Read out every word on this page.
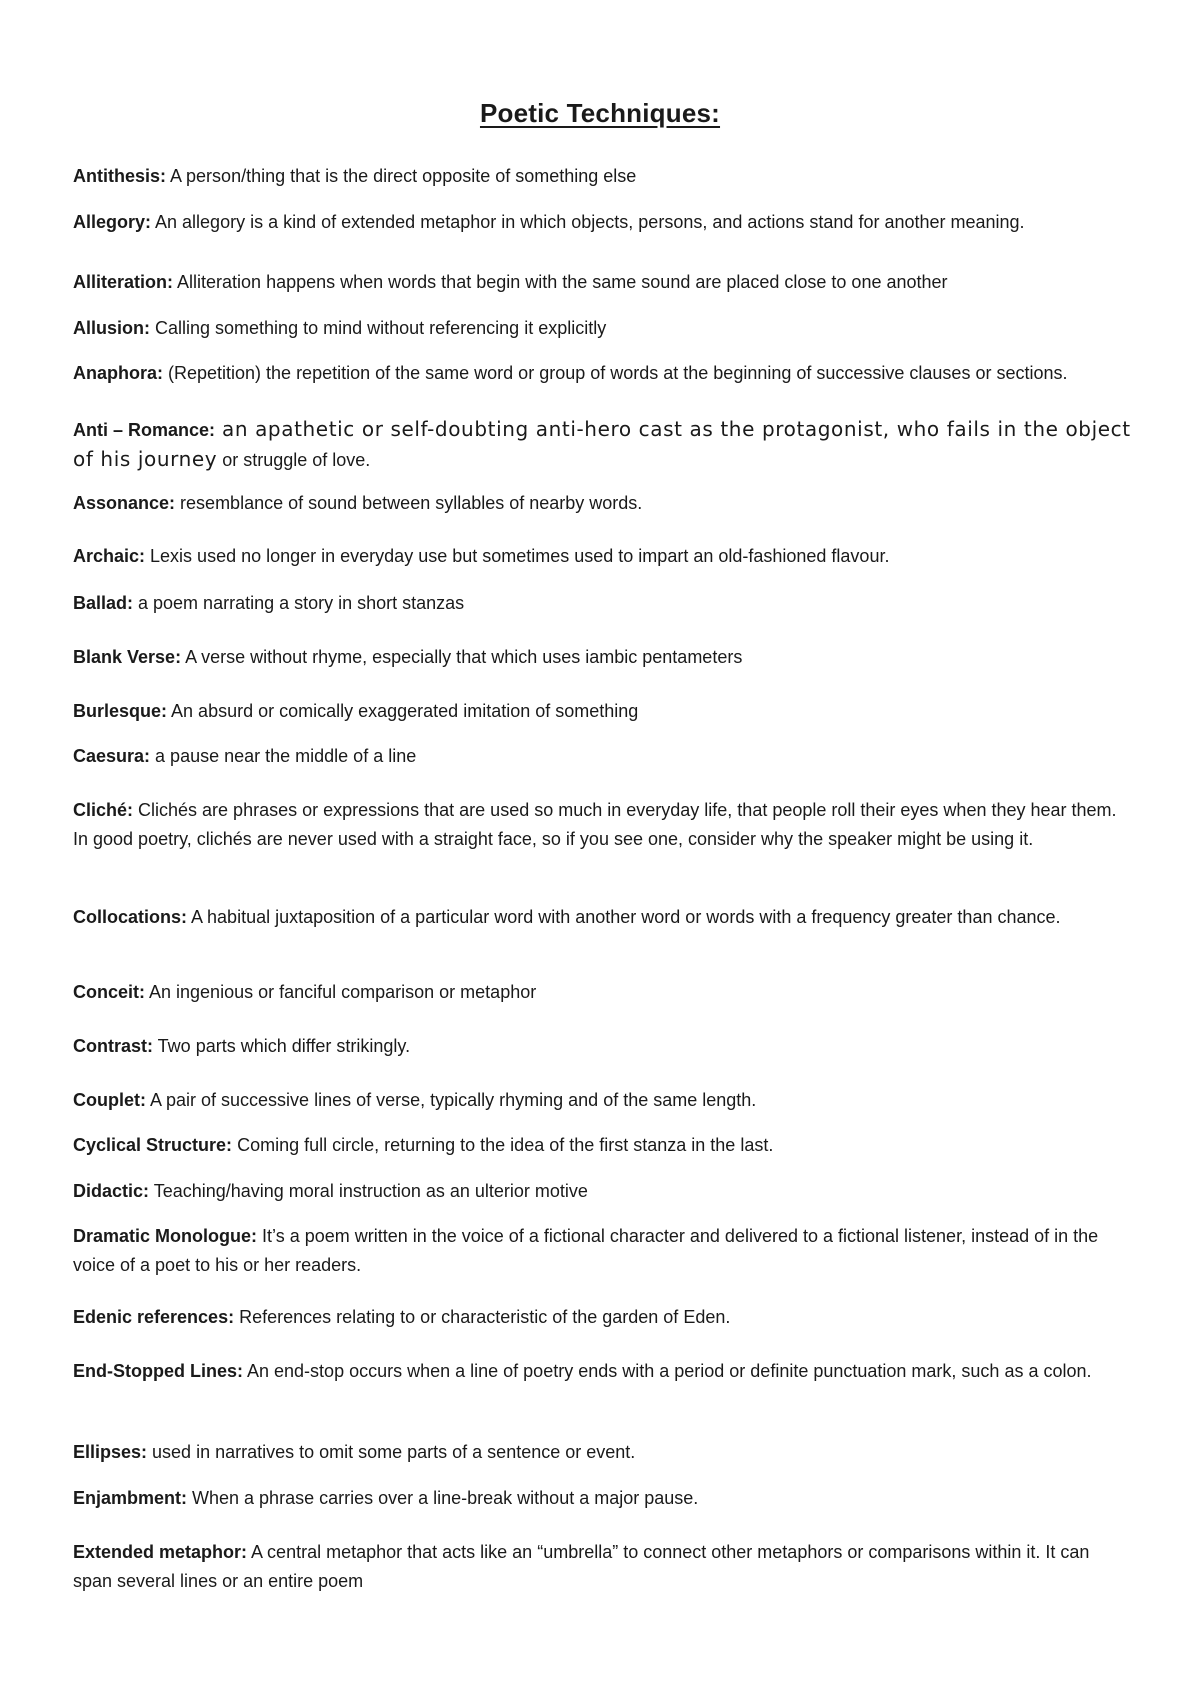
Poetic Techniques:

Antithesis: A person/thing that is the direct opposite of something else

Allegory: An allegory is a kind of extended metaphor in which objects, persons, and actions stand for another meaning.

Alliteration: Alliteration happens when words that begin with the same sound are placed close to one another

Allusion: Calling something to mind without referencing it explicitly

Anaphora: (Repetition) the repetition of the same word or group of words at the beginning of successive clauses or sections.

Anti – Romance: an apathetic or self-doubting anti-hero cast as the protagonist, who fails in the object of his journey or struggle of love.

Assonance: resemblance of sound between syllables of nearby words.

Archaic: Lexis used no longer in everyday use but sometimes used to impart an old-fashioned flavour.

Ballad: a poem narrating a story in short stanzas

Blank Verse: A verse without rhyme, especially that which uses iambic pentameters

Burlesque: An absurd or comically exaggerated imitation of something

Caesura: a pause near the middle of a line

Cliché: Clichés are phrases or expressions that are used so much in everyday life, that people roll their eyes when they hear them. In good poetry, clichés are never used with a straight face, so if you see one, consider why the speaker might be using it.

Collocations: A habitual juxtaposition of a particular word with another word or words with a frequency greater than chance.

Conceit: An ingenious or fanciful comparison or metaphor

Contrast: Two parts which differ strikingly.

Couplet: A pair of successive lines of verse, typically rhyming and of the same length.

Cyclical Structure: Coming full circle, returning to the idea of the first stanza in the last.

Didactic: Teaching/having moral instruction as an ulterior motive

Dramatic Monologue: It’s a poem written in the voice of a fictional character and delivered to a fictional listener, instead of in the voice of a poet to his or her readers.

Edenic references: References relating to or characteristic of the garden of Eden.

End-Stopped Lines: An end-stop occurs when a line of poetry ends with a period or definite punctuation mark, such as a colon.

Ellipses: used in narratives to omit some parts of a sentence or event.

Enjambment: When a phrase carries over a line-break without a major pause.

Extended metaphor: A central metaphor that acts like an “umbrella” to connect other metaphors or comparisons within it. It can span several lines or an entire poem
